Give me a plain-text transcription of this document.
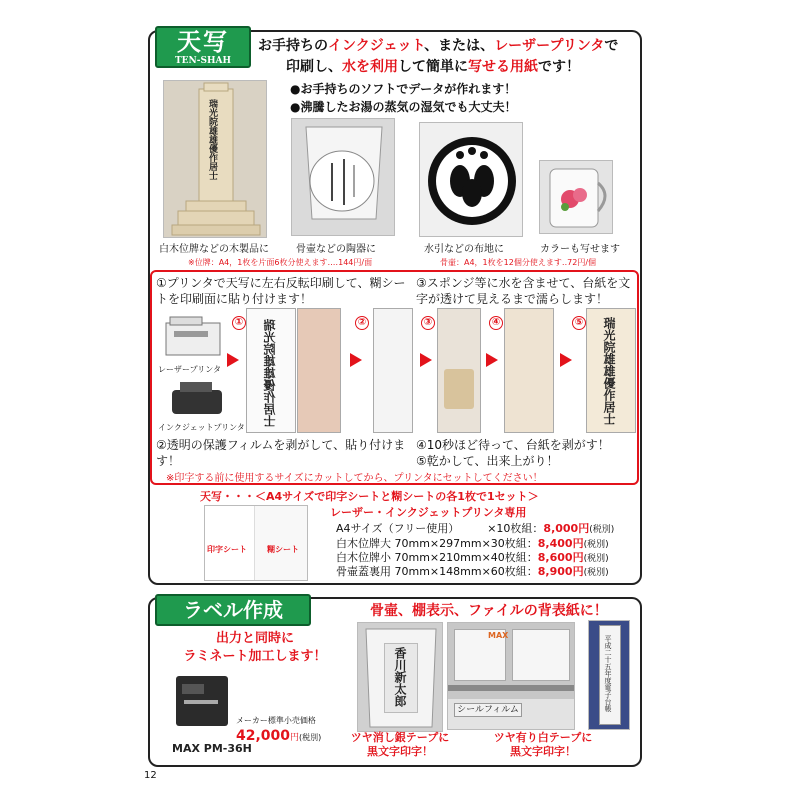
天写
TEN-SHAH
お手持ちのインクジェット、または、レーザープリンタで
印刷し、水を利用して簡単に写せる用紙です！
●お手持ちのソフトでデータが作れます！
●沸騰したお湯の蒸気の湿気でも大丈夫！
瑞光院雄雄優作居士
白木位牌などの木製品に	骨壷などの陶器に	水引などの布地に	カラーも写せます
※位牌：A4，1枚を片面6枚分使えます‥‥144円/面	骨壷：A4，1枚を12個分使えます‥72円/個
①プリンタで天写に左右反転印刷して、糊シートを印刷面に貼り付けます！
③スポンジ等に水を含ませて、台紙を文字が透けて見えるまで濡らします！
レーザープリンタ
インクジェットプリンタ
① 瑞光院雄雄優作居士	②	③	④	⑤ 瑞光院雄雄優作居士
②透明の保護フィルムを剥がして、貼り付けます！
④10秒ほど待って、台紙を剥がす！
⑤乾かして、出来上がり！
※印字する前に使用するサイズにカットしてから、プリンタにセットしてください！
天写・・・＜A4サイズで印字シートと糊シートの各1枚で1セット＞
印字シート	糊シート
レーザー・インクジェットプリンタ専用
A4サイズ（フリー使用）	×10枚組：8,000円(税別)
白木位牌大 70mm×297mm×30枚組：8,400円(税別)
白木位牌小 70mm×210mm×40枚組：8,600円(税別)
骨壷蓋裏用 70mm×148mm×60枚組：8,900円(税別)
ラベル作成	骨壷、棚表示、ファイルの背表紙に！
出力と同時に
ラミネート加工します！
メーカー標準小売価格
42,000円(税別)
MAX PM-36H
香川新太郎
MAX
シールフィルム	平成二十五年度電子台帳
ツヤ消し銀テープに
黒文字印字！
ツヤ有り白テープに
黒文字印字！
12
